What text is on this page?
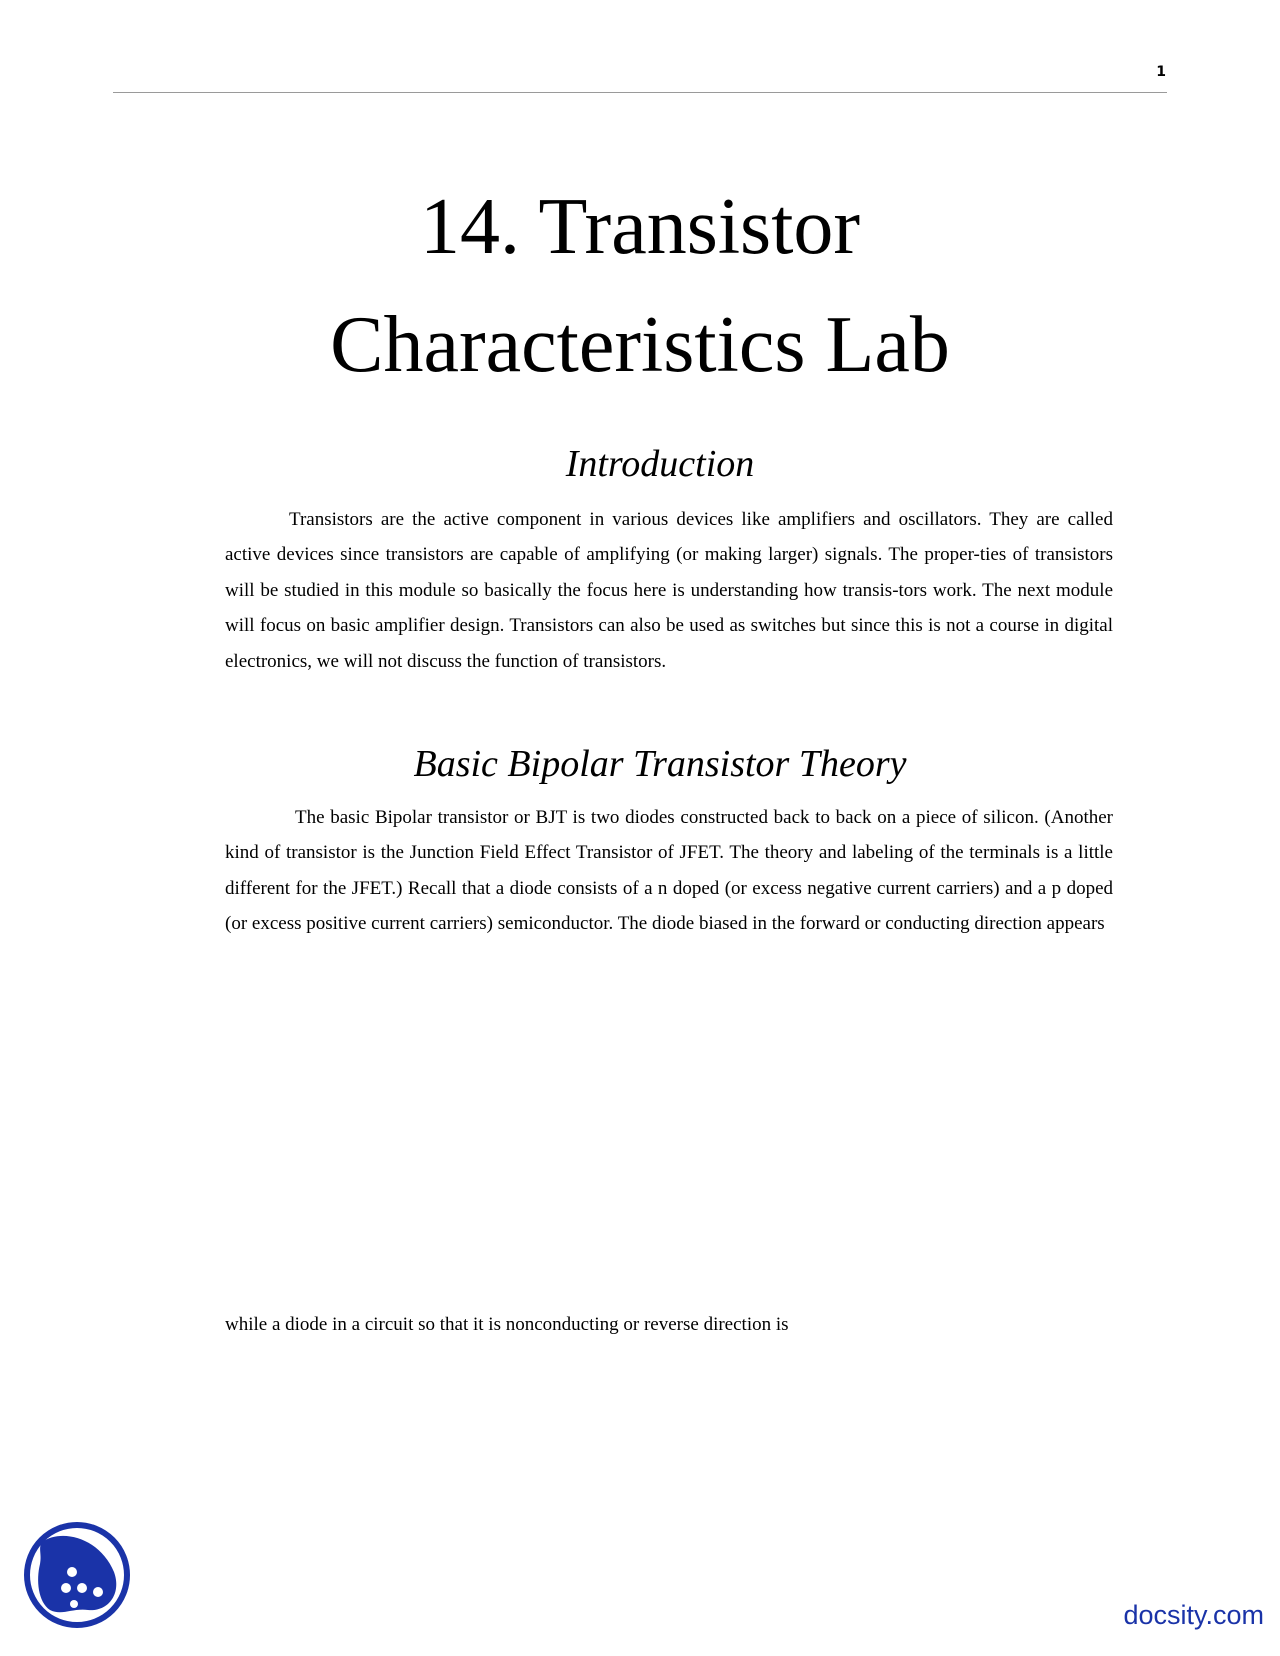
1
14. Transistor
Characteristics Lab
Introduction

Transistors are the active component in various devices like amplifiers and oscillators. They are called active devices since transistors are capable of amplifying (or making larger) signals. The proper-ties of transistors will be studied in this module so basically the focus here is understanding how transis-tors work. The next module will focus on basic amplifier design. Transistors can also be used as switches but since this is not a course in digital electronics, we will not discuss the function of transistors.

Basic Bipolar Transistor Theory

The basic Bipolar transistor or BJT is two diodes constructed back to back on a piece of silicon. (Another kind of transistor is the Junction Field Effect Transistor of JFET. The theory and labeling of the terminals is a little different for the JFET.) Recall that a diode consists of a n doped (or excess negative current carriers) and a p doped (or excess positive current carriers) semiconductor. The diode biased in the forward or conducting direction appears

while a diode in a circuit so that it is nonconducting or reverse direction is

docsity.com
